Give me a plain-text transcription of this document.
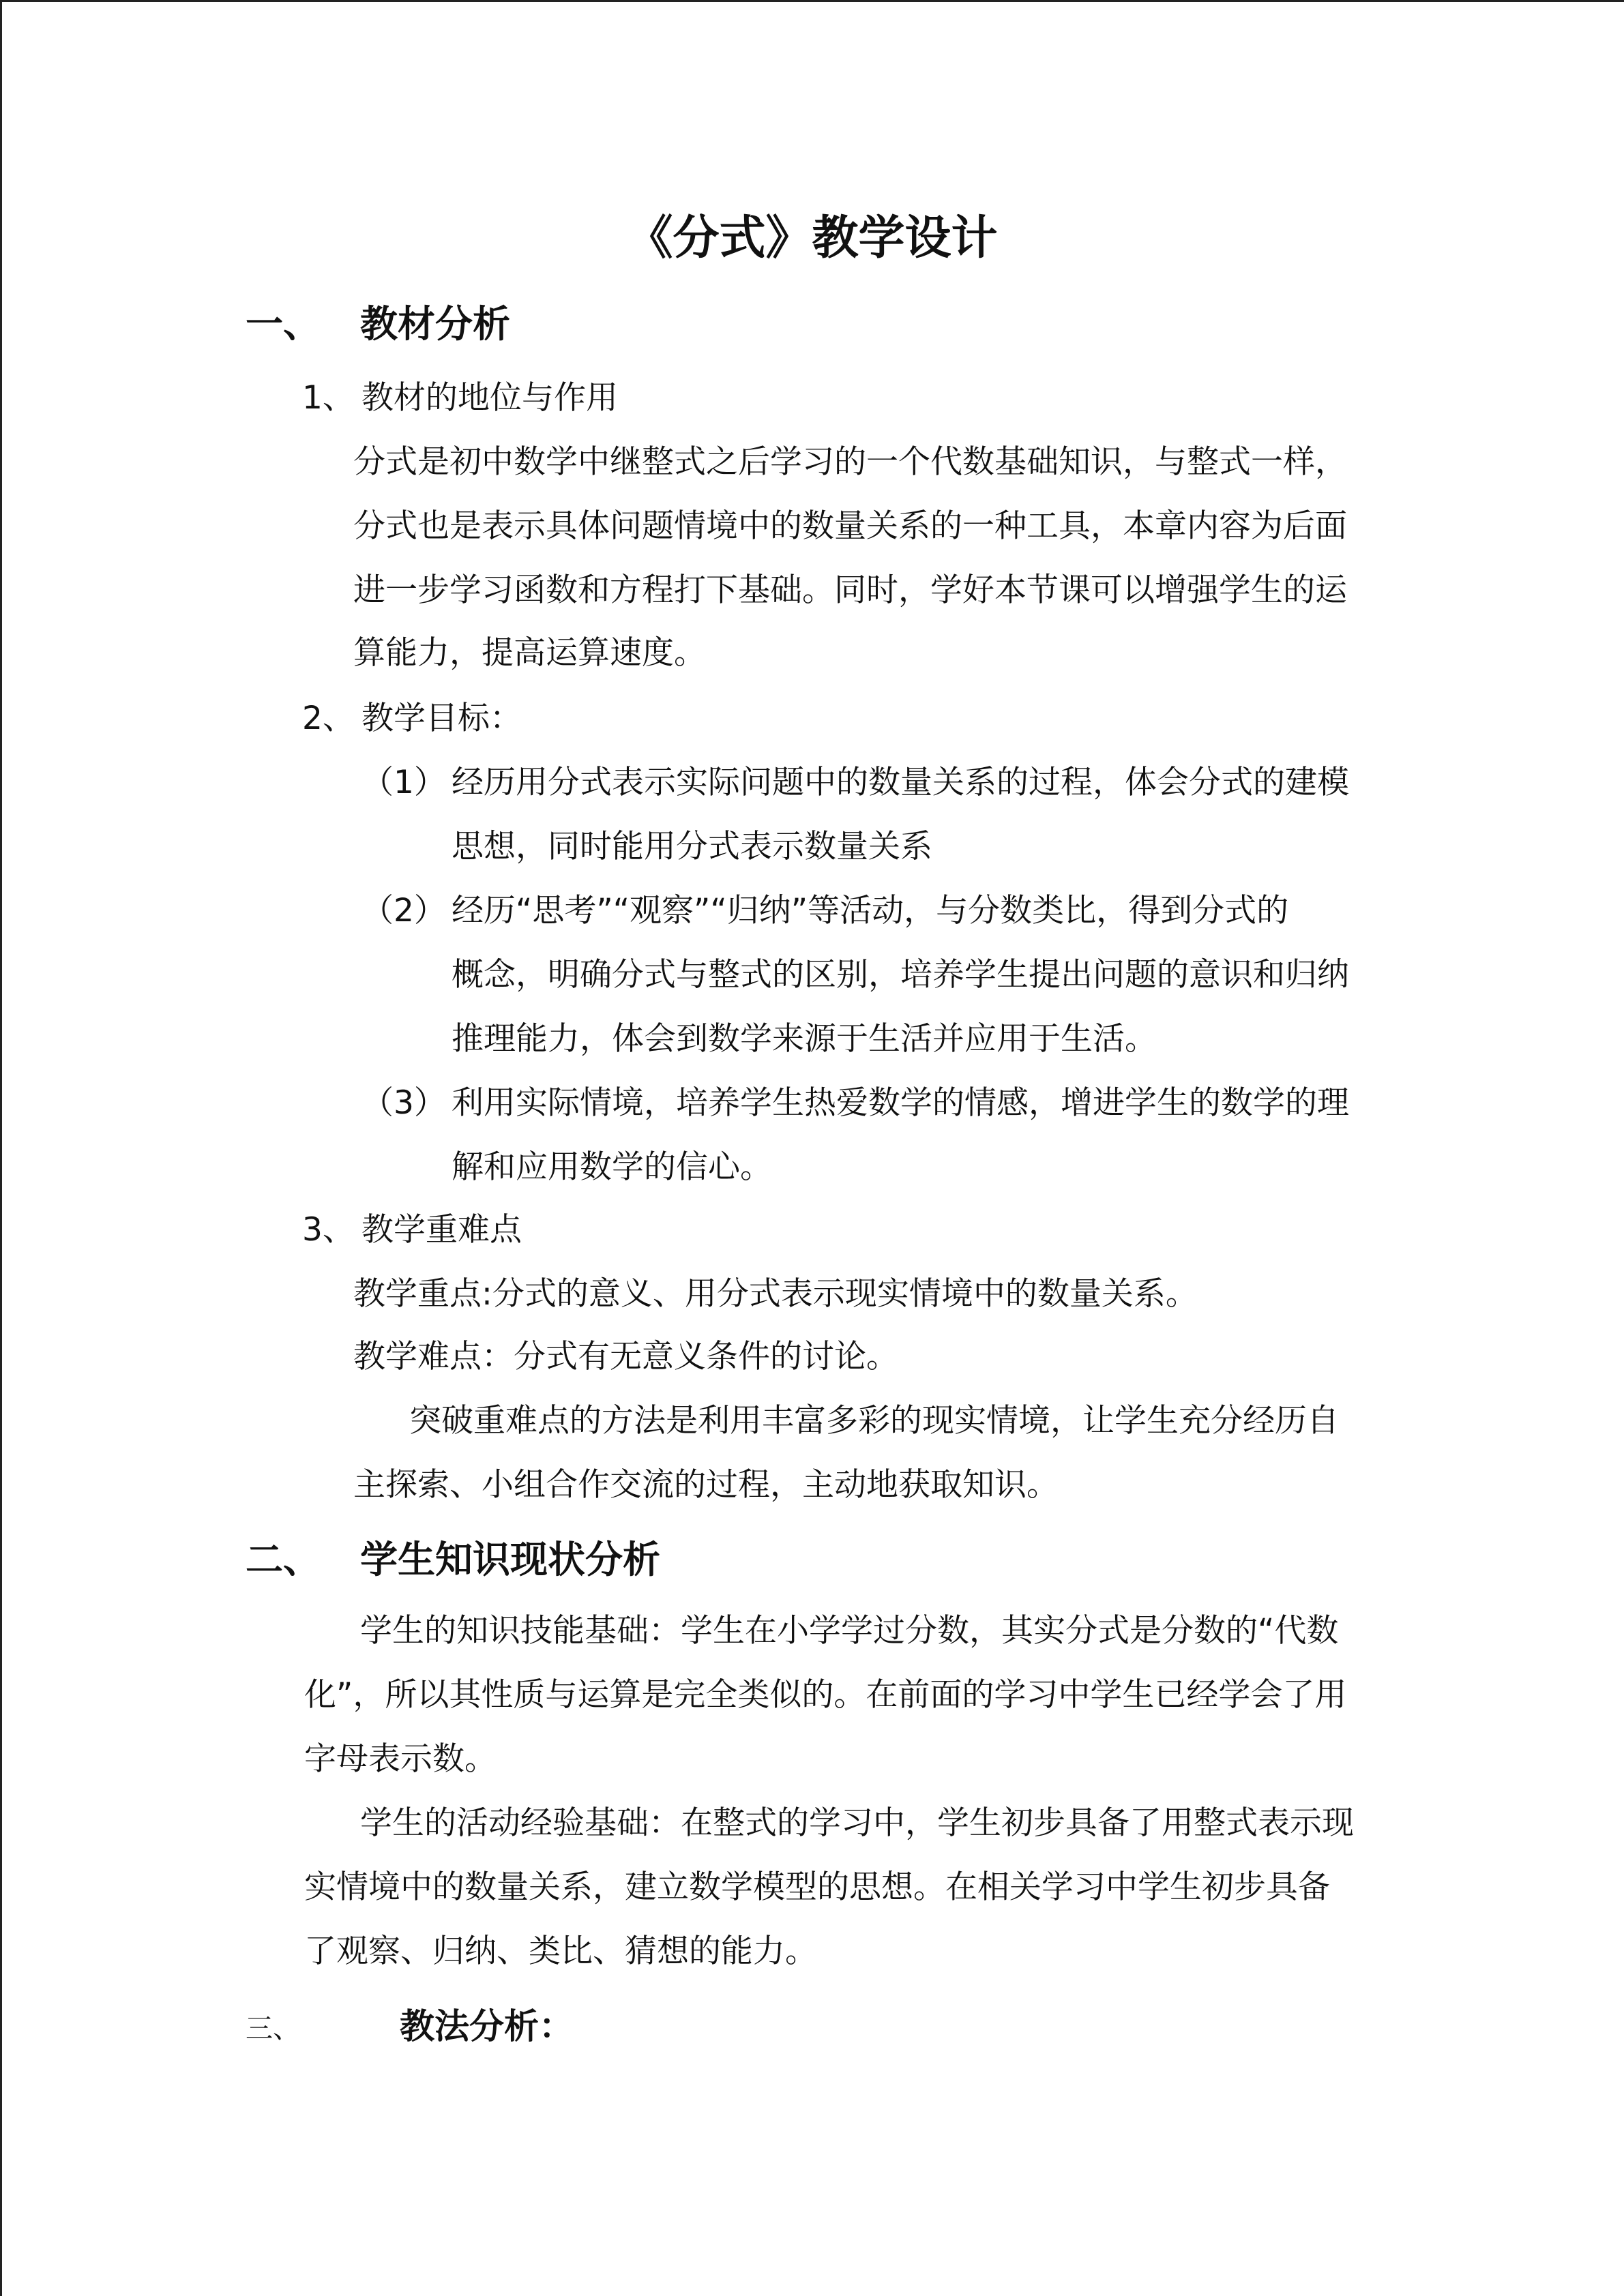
《分式》教学设计
一、 教材分析
1、 教材的地位与作用
分式是初中数学中继整式之后学习的一个代数基础知识，与整式一样，
分式也是表示具体问题情境中的数量关系的一种工具，本章内容为后面
进一步学习函数和方程打下基础。同时，学好本节课可以增强学生的运
算能力，提高运算速度。
2、 教学目标：
（1） 经历用分式表示实际问题中的数量关系的过程，体会分式的建模
思想，同时能用分式表示数量关系
（2） 经历“思考”“观察”“归纳”等活动，与分数类比，得到分式的
概念，明确分式与整式的区别，培养学生提出问题的意识和归纳
推理能力，体会到数学来源于生活并应用于生活。
（3） 利用实际情境，培养学生热爱数学的情感，增进学生的数学的理
解和应用数学的信心。
3、 教学重难点
教学重点:分式的意义、用分式表示现实情境中的数量关系。
教学难点：分式有无意义条件的讨论。
突破重难点的方法是利用丰富多彩的现实情境，让学生充分经历自
主探索、小组合作交流的过程，主动地获取知识。
二、 学生知识现状分析
学生的知识技能基础：学生在小学学过分数，其实分式是分数的“代数
化”，所以其性质与运算是完全类似的。在前面的学习中学生已经学会了用
字母表示数。
学生的活动经验基础：在整式的学习中，学生初步具备了用整式表示现
实情境中的数量关系，建立数学模型的思想。在相关学习中学生初步具备
了观察、归纳、类比、猜想的能力。
三、	教法分析：
